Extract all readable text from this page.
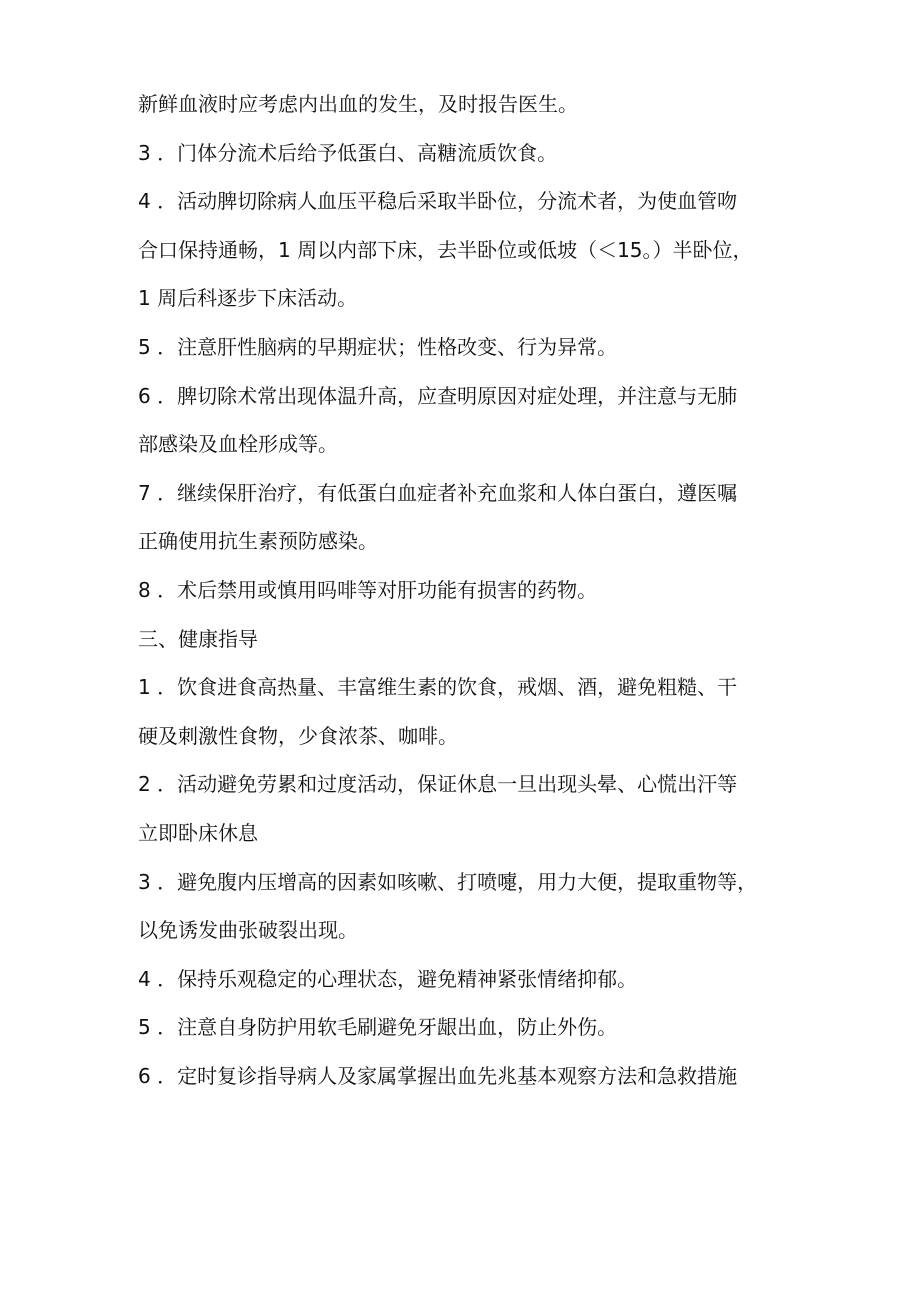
新鲜血液时应考虑内出血的发生，及时报告医生。
3 ．门体分流术后给予低蛋白、高糖流质饮食。
4 ．活动脾切除病人血压平稳后采取半卧位，分流术者，为使血管吻
合口保持通畅，1 周以内部下床，去半卧位或低坡（＜15。）半卧位，
1 周后科逐步下床活动。
5 ．注意肝性脑病的早期症状；性格改变、行为异常。
6 ．脾切除术常出现体温升高，应查明原因对症处理，并注意与无肺
部感染及血栓形成等。
7 ．继续保肝治疗，有低蛋白血症者补充血浆和人体白蛋白，遵医嘱
正确使用抗生素预防感染。
8 ．术后禁用或慎用吗啡等对肝功能有损害的药物。
三、健康指导
1 ．饮食进食高热量、丰富维生素的饮食，戒烟、酒，避免粗糙、干
硬及刺激性食物，少食浓茶、咖啡。
2 ．活动避免劳累和过度活动，保证休息一旦出现头晕、心慌出汗等
立即卧床休息
3 ．避免腹内压增高的因素如咳嗽、打喷嚏，用力大便，提取重物等，
以免诱发曲张破裂出现。
4 ．保持乐观稳定的心理状态，避免精神紧张情绪抑郁。
5 ．注意自身防护用软毛刷避免牙龈出血，防止外伤。
6 ．定时复诊指导病人及家属掌握出血先兆基本观察方法和急救措施
